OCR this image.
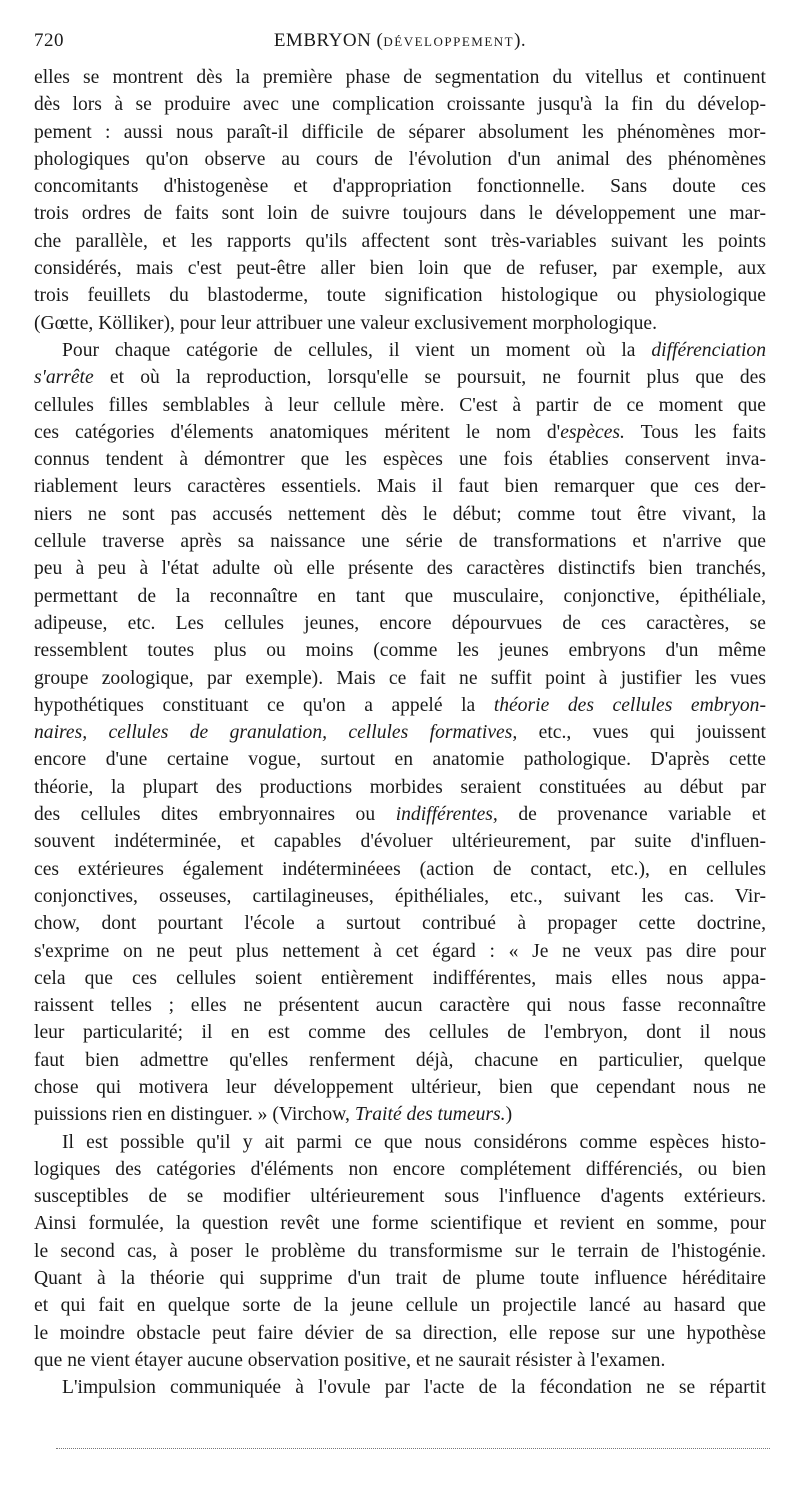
720	EMBRYON (DÉVELOPPEMENT).

elles se montrent dès la première phase de segmentation du vitellus et continuent
dès lors à se produire avec une complication croissante jusqu'à la fin du dévelop-
pement : aussi nous paraît-il difficile de séparer absolument les phénomènes mor-
phologiques qu'on observe au cours de l'évolution d'un animal des phénomènes
concomitants d'histogenèse et d'appropriation fonctionnelle. Sans doute ces
trois ordres de faits sont loin de suivre toujours dans le développement une mar-
che parallèle, et les rapports qu'ils affectent sont très-variables suivant les points
considérés, mais c'est peut-être aller bien loin que de refuser, par exemple, aux
trois feuillets du blastoderme, toute signification histologique ou physiologique
(Gœtte, Kölliker), pour leur attribuer une valeur exclusivement morphologique.

Pour chaque catégorie de cellules, il vient un moment où la différenciation
s'arrête et où la reproduction, lorsqu'elle se poursuit, ne fournit plus que des
cellules filles semblables à leur cellule mère. C'est à partir de ce moment que
ces catégories d'élements anatomiques méritent le nom d'espèces. Tous les faits
connus tendent à démontrer que les espèces une fois établies conservent inva-
riablement leurs caractères essentiels. Mais il faut bien remarquer que ces der-
niers ne sont pas accusés nettement dès le début; comme tout être vivant, la
cellule traverse après sa naissance une série de transformations et n'arrive que
peu à peu à l'état adulte où elle présente des caractères distinctifs bien tranchés,
permettant de la reconnaître en tant que musculaire, conjonctive, épithéliale,
adipeuse, etc. Les cellules jeunes, encore dépourvues de ces caractères, se
ressemblent toutes plus ou moins (comme les jeunes embryons d'un même
groupe zoologique, par exemple). Mais ce fait ne suffit point à justifier les vues
hypothétiques constituant ce qu'on a appelé la théorie des cellules embryon-
naires, cellules de granulation, cellules formatives, etc., vues qui jouissent
encore d'une certaine vogue, surtout en anatomie pathologique. D'après cette
théorie, la plupart des productions morbides seraient constituées au début par
des cellules dites embryonnaires ou indifférentes, de provenance variable et
souvent indéterminée, et capables d'évoluer ultérieurement, par suite d'influen-
ces extérieures également indéterminéees (action de contact, etc.), en cellules
conjonctives, osseuses, cartilagineuses, épithéliales, etc., suivant les cas. Vir-
chow, dont pourtant l'école a surtout contribué à propager cette doctrine,
s'exprime on ne peut plus nettement à cet égard : « Je ne veux pas dire pour
cela que ces cellules soient entièrement indifférentes, mais elles nous appa-
raissent telles ; elles ne présentent aucun caractère qui nous fasse reconnaître
leur particularité; il en est comme des cellules de l'embryon, dont il nous
faut bien admettre qu'elles renferment déjà, chacune en particulier, quelque
chose qui motivera leur développement ultérieur, bien que cependant nous ne
puissions rien en distinguer. » (Virchow, Traité des tumeurs.)

Il est possible qu'il y ait parmi ce que nous considérons comme espèces histo-
logiques des catégories d'éléments non encore complétement différenciés, ou bien
susceptibles de se modifier ultérieurement sous l'influence d'agents extérieurs.
Ainsi formulée, la question revêt une forme scientifique et revient en somme, pour
le second cas, à poser le problème du transformisme sur le terrain de l'histogénie.
Quant à la théorie qui supprime d'un trait de plume toute influence héréditaire
et qui fait en quelque sorte de la jeune cellule un projectile lancé au hasard que
le moindre obstacle peut faire dévier de sa direction, elle repose sur une hypothèse
que ne vient étayer aucune observation positive, et ne saurait résister à l'examen.

L'impulsion communiquée à l'ovule par l'acte de la fécondation ne se répartit
